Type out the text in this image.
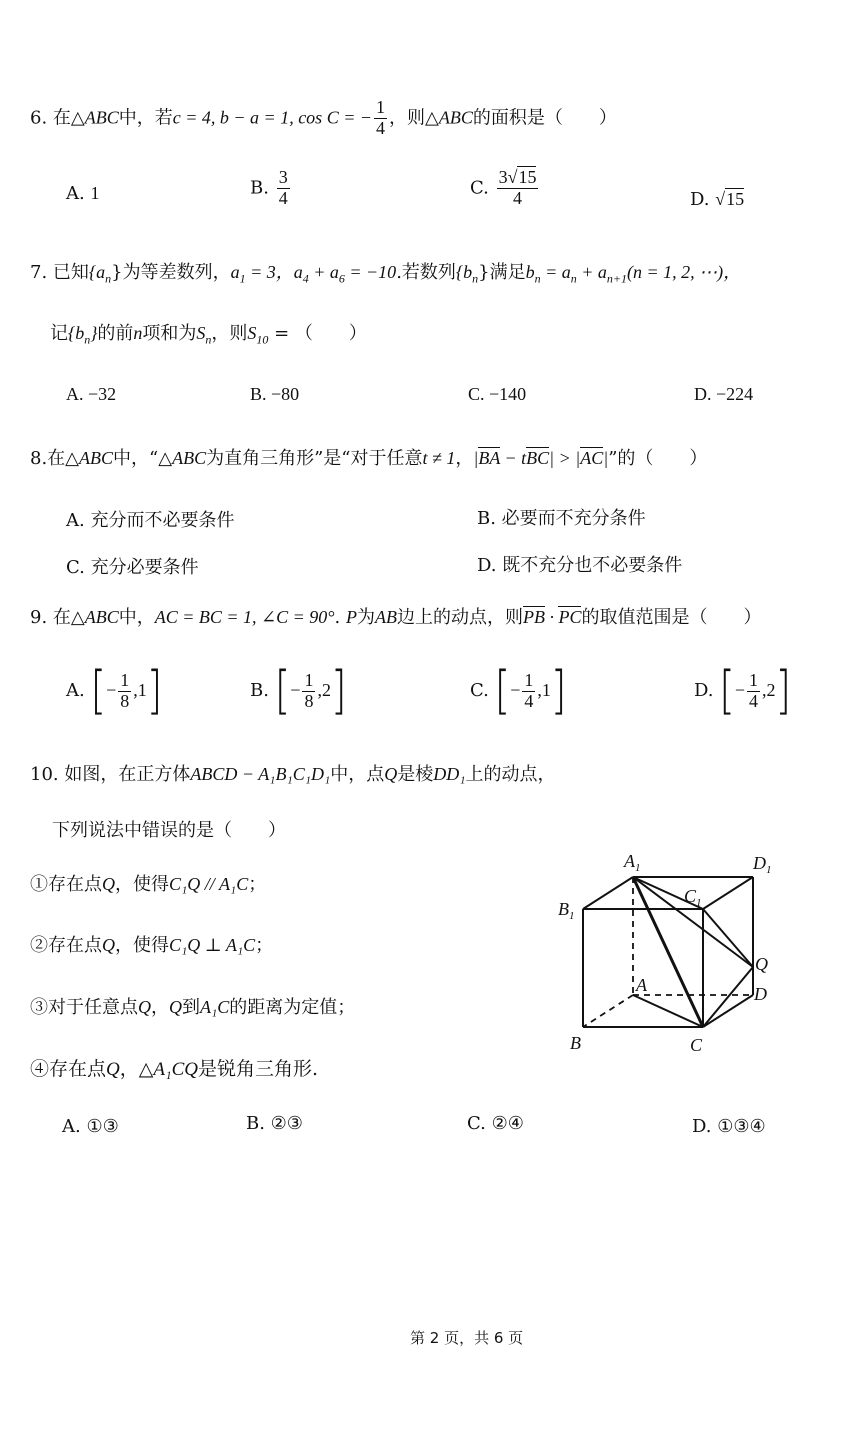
6. 在△ABC中，若c = 4, b − a = 1, cos C = − $\frac{1}{4}$ ，则△ABC的面积是（　　）
A. 1	B. $\frac{3}{4}$	C. $\frac{3√15}{4}$	D. √15
7. 已知$\{a_n\}$为等差数列，$a_1 = 3$，$a_4 + a_6 = -10$.若数列$\{b_n\}$满足$b_n = a_n + a_{n+1}(n = 1$, 2, ⋯)，
记$\{b_n\}$的前n项和为$S_n$，则$S_{10}$ = （　　）
A. −32	B. −80	C. −140	D. −224
8.在△ABC中，“△ABC为直角三角形”是“对于任意t ≠ 1，|BA − tBC| > |AC|”的（　　）
A. 充分而不必要条件	B. 必要而不充分条件
C. 充分必要条件	D. 既不充分也不必要条件
9. 在△ABC中，AC = BC = 1, ∠C = 90°. P为AB边上的动点，则PB · PC的取值范围是（　　）
A. [− $\frac{1}{8} ,1$]	B. [− $\frac{1}{8} ,2$]	C. [− $\frac{1}{4} ,1$]	D. [− $\frac{1}{4} ,2$]
10. 如图，在正方体ABCD − A₁B₁C₁D₁中，点Q是棱DD₁上的动点，
下列说法中错误的是（　　）
①存在点Q，使得C₁Q // A₁C；
②存在点Q，使得C₁Q ⊥ A₁C；
③对于任意点Q，Q到A₁C的距离为定值；
④存在点Q，△A₁CQ是锐角三角形.
A. ①③	B. ②③	C. ②④	D. ①③④
$A_1$	$D_1$
$B_1$
$C_1$
Q
D
A
B	C
第 2 页，共 6 页
